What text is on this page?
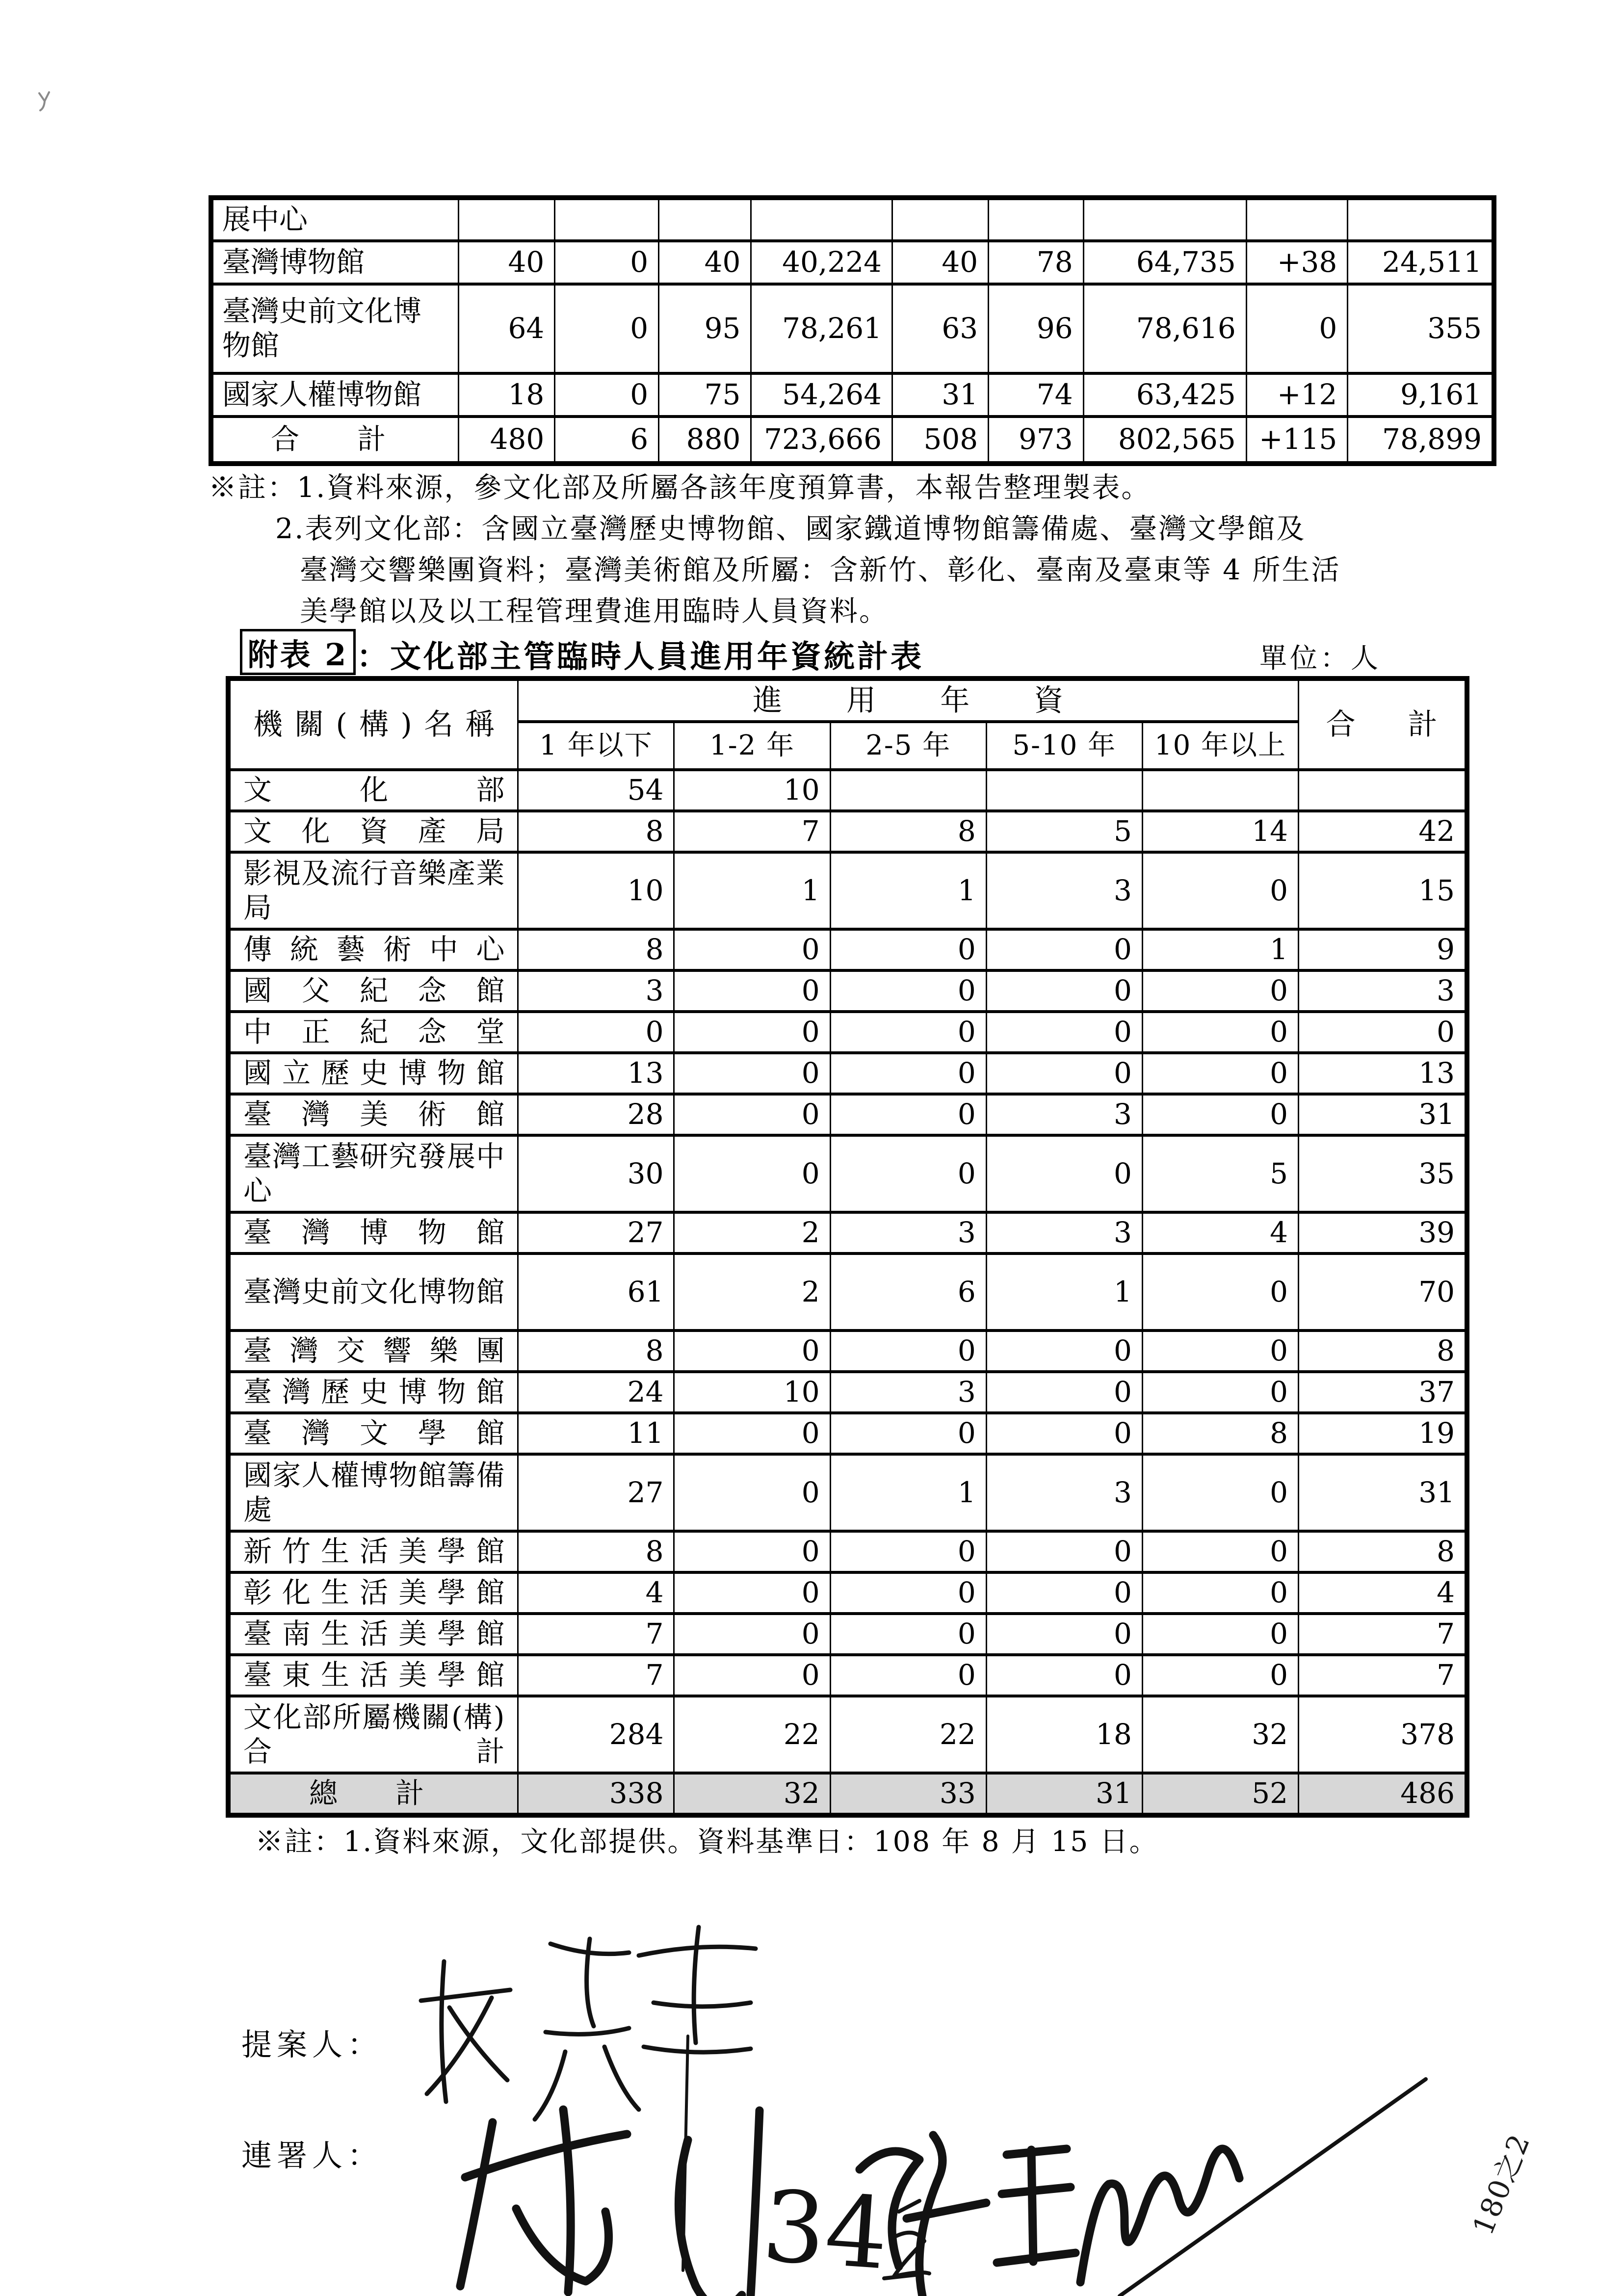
展中心									
臺灣博物館	40	0	40	40,224	40	78	64,735	+38	24,511
臺灣史前文化博物館	64	0	95	78,261	63	96	78,616	0	355
國家人權博物館	18	0	75	54,264	31	74	63,425	+12	9,161
合　計	480	6	880	723,666	508	973	802,565	+115	78,899
※註：1.資料來源，參文化部及所屬各該年度預算書，本報告整理製表。
2.表列文化部：含國立臺灣歷史博物館、國家鐵道博物館籌備處、臺灣文學館及
臺灣交響樂團資料；臺灣美術館及所屬：含新竹、彰化、臺南及臺東等 4 所生活
美學館以及以工程管理費進用臨時人員資料。
附表 2 ：文化部主管臨時人員進用年資統計表	單位：人
機關(構)名稱	進 用 年 資					合 計
	1 年以下	1-2 年	2-5 年	5-10 年	10 年以上	
文化部	54	10				
文化資產局	8	7	8	5	14	42
影視及流行音樂產業局	10	1	1	3	0	15
傳統藝術中心	8	0	0	0	1	9
國父紀念館	3	0	0	0	0	3
中正紀念堂	0	0	0	0	0	0
國立歷史博物館	13	0	0	0	0	13
臺灣美術館	28	0	0	3	0	31
臺灣工藝研究發展中心	30	0	0	0	5	35
臺灣博物館	27	2	3	3	4	39
臺灣史前文化博物館	61	2	6	1	0	70
臺灣交響樂團	8	0	0	0	0	8
臺灣歷史博物館	24	10	3	0	0	37
臺灣文學館	11	0	0	0	8	19
國家人權博物館籌備處	27	0	1	3	0	31
新竹生活美學館	8	0	0	0	0	8
彰化生活美學館	4	0	0	0	0	4
臺南生活美學館	7	0	0	0	0	7
臺東生活美學館	7	0	0	0	0	7
文化部所屬機關(構)合計	284	22	22	18	32	378
總　計	338	32	33	31	52	486
※註：1.資料來源，文化部提供。資料基準日：108 年 8 月 15 日。
提案人：
連署人：
34	180之2
